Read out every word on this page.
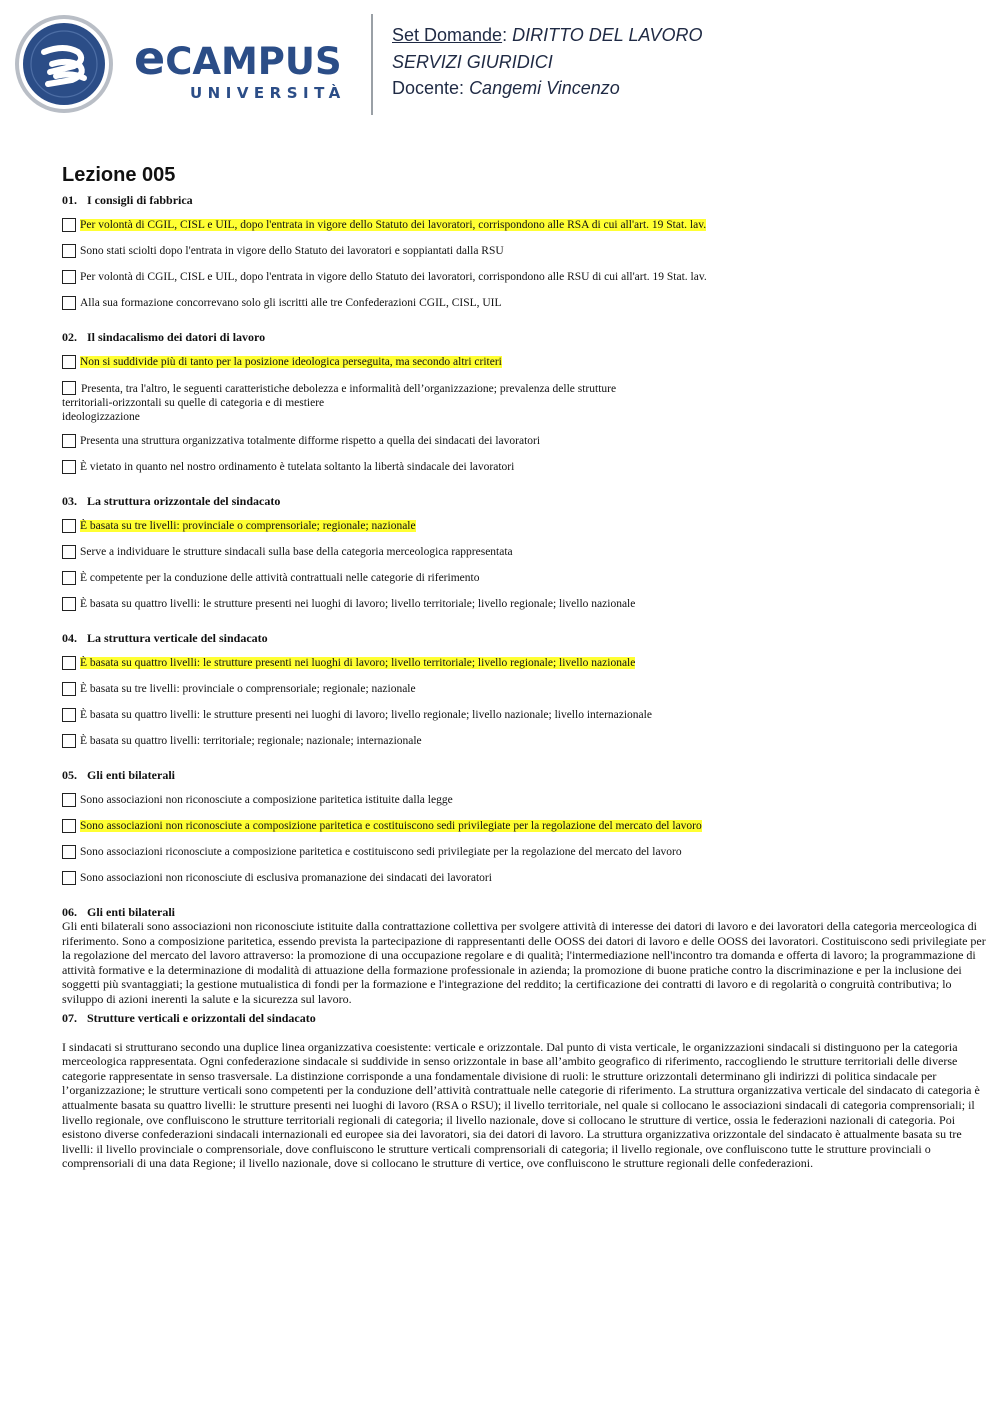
eCAMPUS
UNIVERSITÀ
Set Domande: DIRITTO DEL LAVORO
SERVIZI GIURIDICI
Docente: Cangemi Vincenzo
Lezione 005
01. I consigli di fabbrica
Per volontà di CGIL, CISL e UIL, dopo l'entrata in vigore dello Statuto dei lavoratori, corrispondono alle RSA di cui all'art. 19 Stat. lav.
Sono stati sciolti dopo l'entrata in vigore dello Statuto dei lavoratori e soppiantati dalla RSU
Per volontà di CGIL, CISL e UIL, dopo l'entrata in vigore dello Statuto dei lavoratori, corrispondono alle RSU di cui all'art. 19 Stat. lav.
Alla sua formazione concorrevano solo gli iscritti alle tre Confederazioni CGIL, CISL, UIL
02. Il sindacalismo dei datori di lavoro
Non si suddivide più di tanto per la posizione ideologica perseguita, ma secondo altri criteri
Presenta, tra l'altro, le seguenti caratteristiche debolezza e informalità dell’organizzazione; prevalenza delle strutture
territoriali-orizzontali su quelle di categoria e di mestiere
ideologizzazione
Presenta una struttura organizzativa totalmente difforme rispetto a quella dei sindacati dei lavoratori
È vietato in quanto nel nostro ordinamento è tutelata soltanto la libertà sindacale dei lavoratori
03. La struttura orizzontale del sindacato
È basata su tre livelli: provinciale o comprensoriale; regionale; nazionale
Serve a individuare le strutture sindacali sulla base della categoria merceologica rappresentata
È competente per la conduzione delle attività contrattuali nelle categorie di riferimento
È basata su quattro livelli: le strutture presenti nei luoghi di lavoro; livello territoriale; livello regionale; livello nazionale
04. La struttura verticale del sindacato
È basata su quattro livelli: le strutture presenti nei luoghi di lavoro; livello territoriale; livello regionale; livello nazionale
È basata su tre livelli: provinciale o comprensoriale; regionale; nazionale
È basata su quattro livelli: le strutture presenti nei luoghi di lavoro; livello regionale; livello nazionale; livello internazionale
È basata su quattro livelli: territoriale; regionale; nazionale; internazionale
05. Gli enti bilaterali
Sono associazioni non riconosciute a composizione paritetica istituite dalla legge
Sono associazioni non riconosciute a composizione paritetica e costituiscono sedi privilegiate per la regolazione del mercato del lavoro
Sono associazioni riconosciute a composizione paritetica e costituiscono sedi privilegiate per la regolazione del mercato del lavoro
Sono associazioni non riconosciute di esclusiva promanazione dei sindacati dei lavoratori
06. Gli enti bilaterali
Gli enti bilaterali sono associazioni non riconosciute istituite dalla contrattazione collettiva per svolgere attività di interesse dei datori di lavoro e dei lavoratori della categoria merceologica di riferimento. Sono a composizione paritetica, essendo prevista la partecipazione di rappresentanti delle OOSS dei datori di lavoro e delle OOSS dei lavoratori. Costituiscono sedi privilegiate per la regolazione del mercato del lavoro attraverso: la promozione di una occupazione regolare e di qualità; l'intermediazione nell'incontro tra domanda e offerta di lavoro; la programmazione di attività formative e la determinazione di modalità di attuazione della formazione professionale in azienda; la promozione di buone pratiche contro la discriminazione e per la inclusione dei soggetti più svantaggiati; la gestione mutualistica di fondi per la formazione e l'integrazione del reddito; la certificazione dei contratti di lavoro e di regolarità o congruità contributiva; lo sviluppo di azioni inerenti la salute e la sicurezza sul lavoro.
07. Strutture verticali e orizzontali del sindacato
I sindacati si strutturano secondo una duplice linea organizzativa coesistente: verticale e orizzontale. Dal punto di vista verticale, le organizzazioni sindacali si distinguono per la categoria merceologica rappresentata. Ogni confederazione sindacale si suddivide in senso orizzontale in base all’ambito geografico di riferimento, raccogliendo le strutture territoriali delle diverse categorie rappresentate in senso trasversale. La distinzione corrisponde a una fondamentale divisione di ruoli: le strutture orizzontali determinano gli indirizzi di politica sindacale per l’organizzazione; le strutture verticali sono competenti per la conduzione dell’attività contrattuale nelle categorie di riferimento. La struttura organizzativa verticale del sindacato di categoria è attualmente basata su quattro livelli: le strutture presenti nei luoghi di lavoro (RSA o RSU); il livello territoriale, nel quale si collocano le associazioni sindacali di categoria comprensoriali; il livello regionale, ove confluiscono le strutture territoriali regionali di categoria; il livello nazionale, dove si collocano le strutture di vertice, ossia le federazioni nazionali di categoria. Poi esistono diverse confederazioni sindacali internazionali ed europee sia dei lavoratori, sia dei datori di lavoro. La struttura organizzativa orizzontale del sindacato è attualmente basata su tre livelli: il livello provinciale o comprensoriale, dove confluiscono le strutture verticali comprensoriali di categoria; il livello regionale, ove confluiscono tutte le strutture provinciali o comprensoriali di una data Regione; il livello nazionale, dove si collocano le strutture di vertice, ove confluiscono le strutture regionali delle confederazioni.
